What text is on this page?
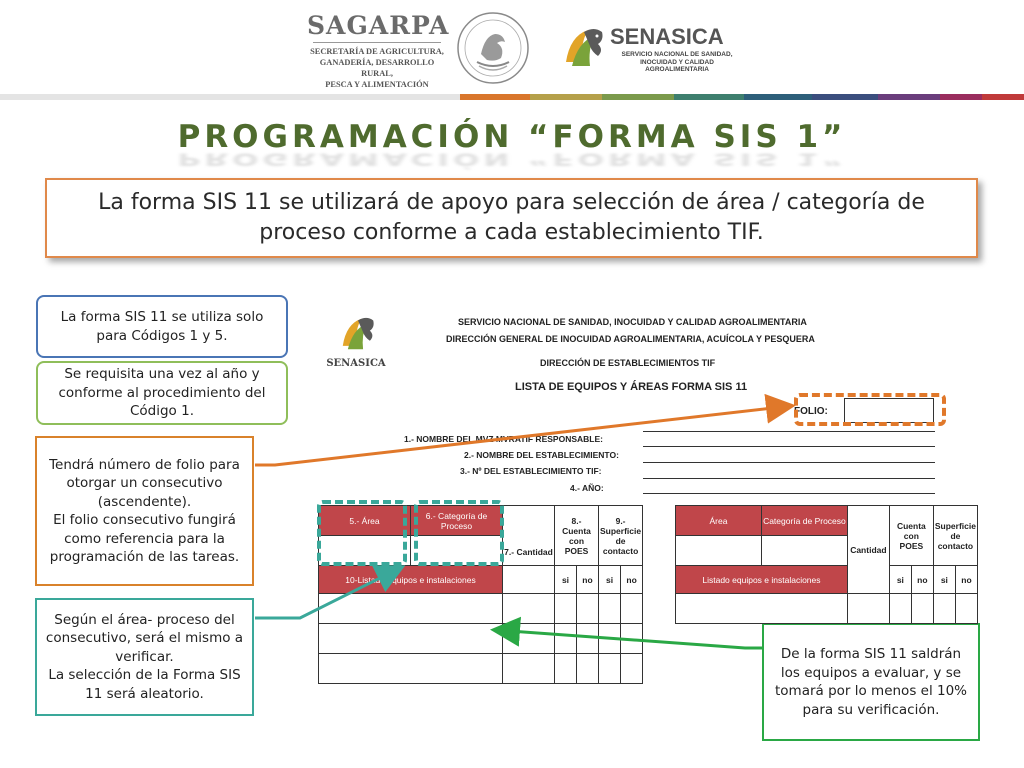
SAGARPA
SECRETARÍA DE AGRICULTURA,
GANADERÍA, DESARROLLO RURAL,
PESCA Y ALIMENTACIÓN
SENASICA
SERVICIO NACIONAL DE SANIDAD,
INOCUIDAD Y CALIDAD
AGROALIMENTARIA
PROGRAMACIÓN “FORMA SIS 1”
PROGRAMACIÓN “FORMA SIS 1”
La forma SIS 11 se utilizará de apoyo para selección de área / categoría de proceso conforme a cada establecimiento TIF.
La forma SIS 11 se utiliza solo para Códigos 1 y 5.
Se requisita una vez al año y conforme al procedimiento del Código 1.
Tendrá número de folio para otorgar un consecutivo (ascendente).
El folio consecutivo fungirá como referencia para la programación de las tareas.
Según el área- proceso del consecutivo, será el mismo a verificar.
La selección de la Forma SIS 11 será aleatorio.
De la forma SIS 11 saldrán los equipos a evaluar, y se tomará por lo menos el 10% para su verificación.
SENASICA
SERVICIO NACIONAL DE SANIDAD, INOCUIDAD Y CALIDAD AGROALIMENTARIA
DIRECCIÓN GENERAL DE INOCUIDAD AGROALIMENTARIA, ACUÍCOLA Y PESQUERA
DIRECCIÓN DE ESTABLECIMIENTOS TIF
LISTA DE EQUIPOS Y ÁREAS FORMA SIS 11
FOLIO:
1.- NOMBRE DEL MVZ MVRATIF RESPONSABLE:
2.- NOMBRE DEL ESTABLECIMIENTO:
3.- Nº DEL ESTABLECIMIENTO TIF:
4.- AÑO:
5.- Área	6.- Categoría de Proceso	7.- Cantidad	8.- Cuenta con POES		9.- Superficie de contacto	

10-Listado equipos e instalaciones			si	no	si	no

Área	Categoría de Proceso	Cantidad	Cuenta con POES		Superficie de contacto	

Listado equipos e instalaciones			si	no	si	no
